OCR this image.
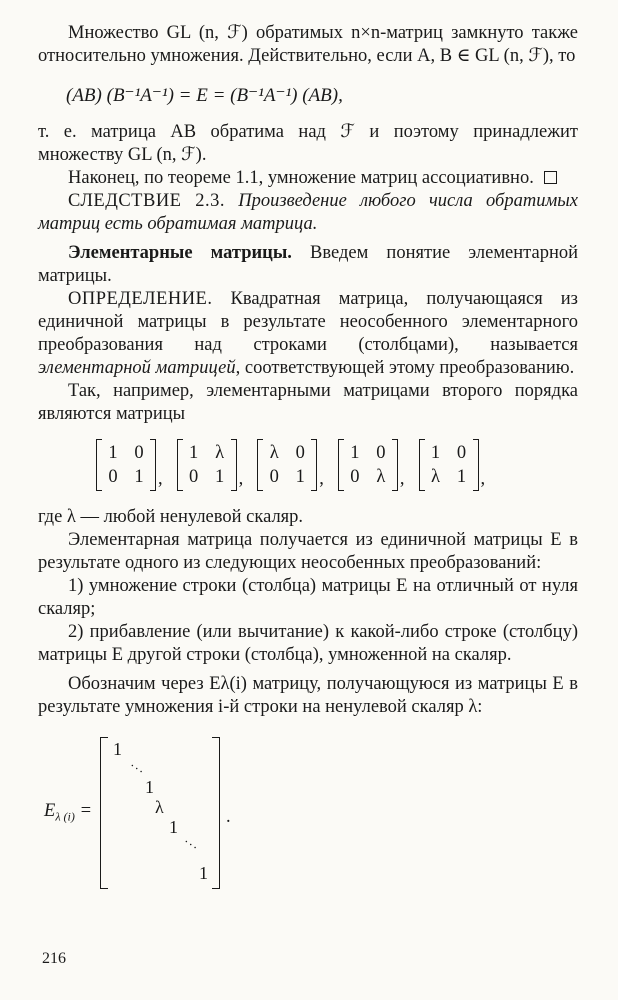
Множество GL (n, ℱ) обратимых n×n-матриц замкнуто также относительно умножения. Действительно, если A, B ∈ GL (n, ℱ), то

(AB) (B⁻¹A⁻¹) = E = (B⁻¹A⁻¹) (AB),

т. е. матрица AB обратима над ℱ и поэтому принадлежит множеству GL (n, ℱ).

Наконец, по теореме 1.1, умножение матриц ассоциативно.

СЛЕДСТВИЕ 2.3. Произведение любого числа обратимых матриц есть обратимая матрица.

Элементарные матрицы. Введем понятие элементарной матрицы.

ОПРЕДЕЛЕНИЕ. Квадратная матрица, получающаяся из единичной матрицы в результате неособенного элементарного преобразования над строками (столбцами), называется элементарной матрицей, соответствующей этому преобразованию.

Так, например, элементарными матрицами второго порядка являются матрицы

1 0
0 1 ,
1 λ
0 1 ,
λ 0
0 1 ,
1 0
0 λ ,
1 0
λ 1 ,

где λ — любой ненулевой скаляр.

Элементарная матрица получается из единичной матрицы E в результате одного из следующих неособенных преобразований:

1) умножение строки (столбца) матрицы E на отличный от нуля скаляр;

2) прибавление (или вычитание) к какой-либо строке (столбцу) матрицы E другой строки (столбца), умноженной на скаляр.

Обозначим через Eλ(i) матрицу, получающуюся из матрицы E в результате умножения i-й строки на ненулевой скаляр λ:

$E_{\lambda (i)}$ =
1
···
1
λ
1
···
1
.
216
